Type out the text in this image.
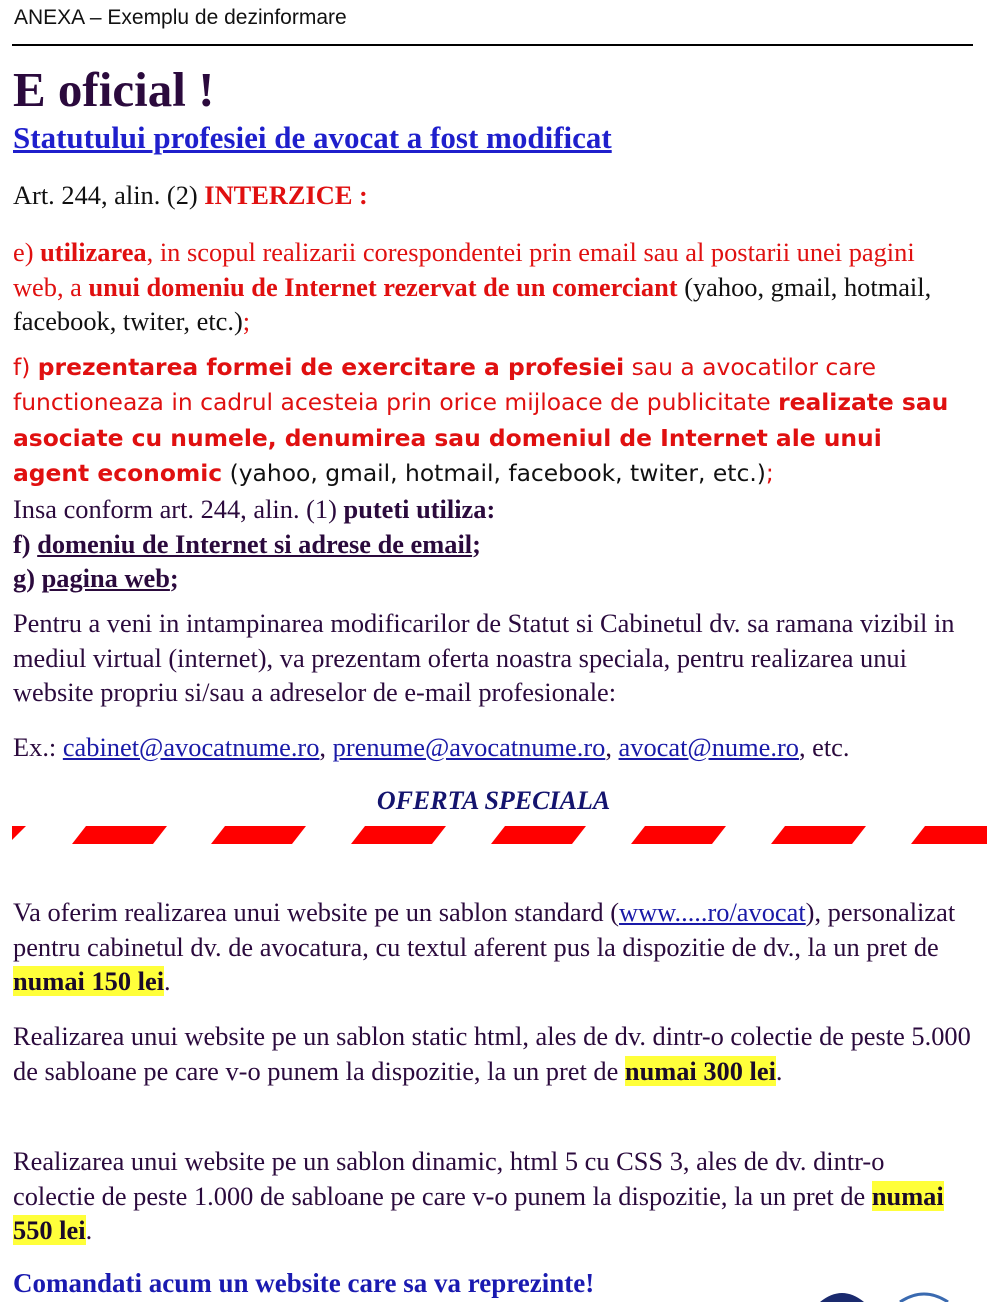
ANEXA – Exemplu de dezinformare
E oficial !
Statutului profesiei de avocat a fost modificat
Art. 244, alin. (2) INTERZICE :
e) utilizarea, in scopul realizarii corespondentei prin email sau al postarii unei pagini web, a unui domeniu de Internet rezervat de un comerciant (yahoo, gmail, hotmail, facebook, twiter, etc.);
f) prezentarea formei de exercitare a profesiei sau a avocatilor care functioneaza in cadrul acesteia prin orice mijloace de publicitate realizate sau asociate cu numele, denumirea sau domeniul de Internet ale unui agent economic (yahoo, gmail, hotmail, facebook, twiter, etc.);
Insa conform art. 244, alin. (1) puteti utiliza:
f) domeniu de Internet si adrese de email;
g) pagina web;
Pentru a veni in intampinarea modificarilor de Statut si Cabinetul dv. sa ramana vizibil in mediul virtual (internet), va prezentam oferta noastra speciala, pentru realizarea unui website propriu si/sau a adreselor de e-mail profesionale:
Ex.: cabinet@avocatnume.ro, prenume@avocatnume.ro, avocat@nume.ro, etc.
OFERTA SPECIALA
Va oferim realizarea unui website pe un sablon standard (www.....ro/avocat), personalizat pentru cabinetul dv. de avocatura, cu textul aferent pus la dispozitie de dv., la un pret de numai 150 lei.
Realizarea unui website pe un sablon static html, ales de dv. dintr-o colectie de peste 5.000 de sabloane pe care v-o punem la dispozitie, la un pret de numai 300 lei.
Realizarea unui website pe un sablon dinamic, html 5 cu CSS 3, ales de dv. dintr-o colectie de peste 1.000 de sabloane pe care v-o punem la dispozitie, la un pret de numai 550 lei.
Comandati acum un website care sa va reprezinte!
